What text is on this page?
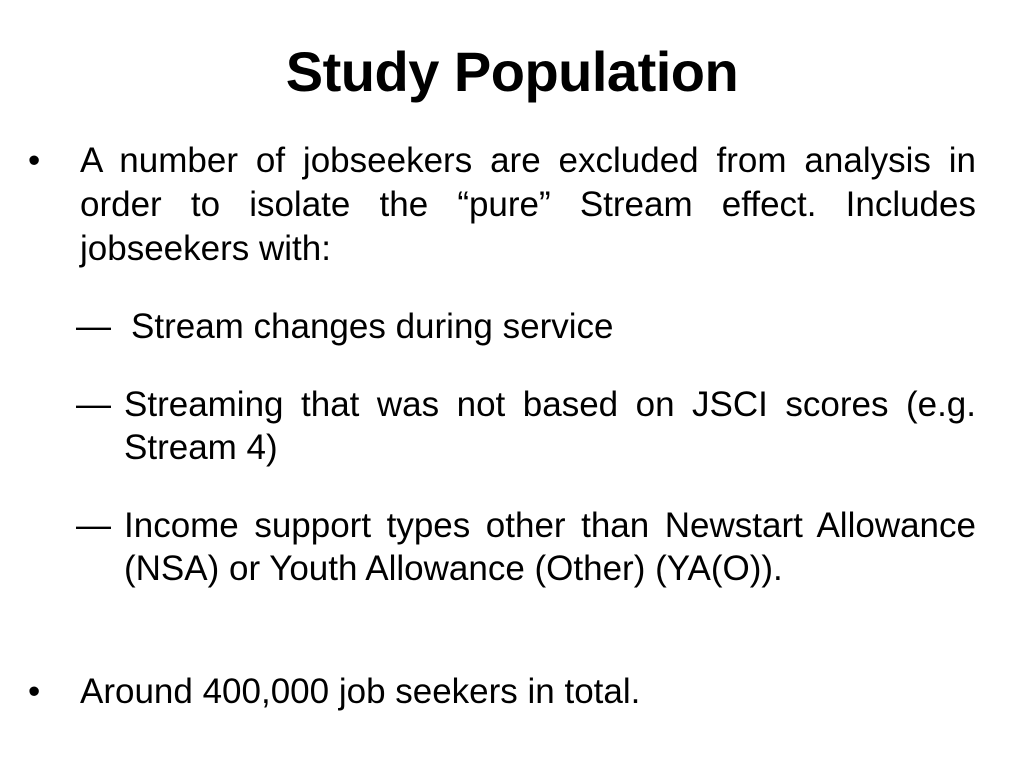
Study Population
•	A number of jobseekers are excluded from analysis in order to isolate the “pure” Stream effect. Includes jobseekers with:
— Stream changes during service
— Streaming that was not based on JSCI scores (e.g. Stream 4)
— Income support types other than Newstart Allowance (NSA) or Youth Allowance (Other) (YA(O)).
•	Around 400,000 job seekers in total.
